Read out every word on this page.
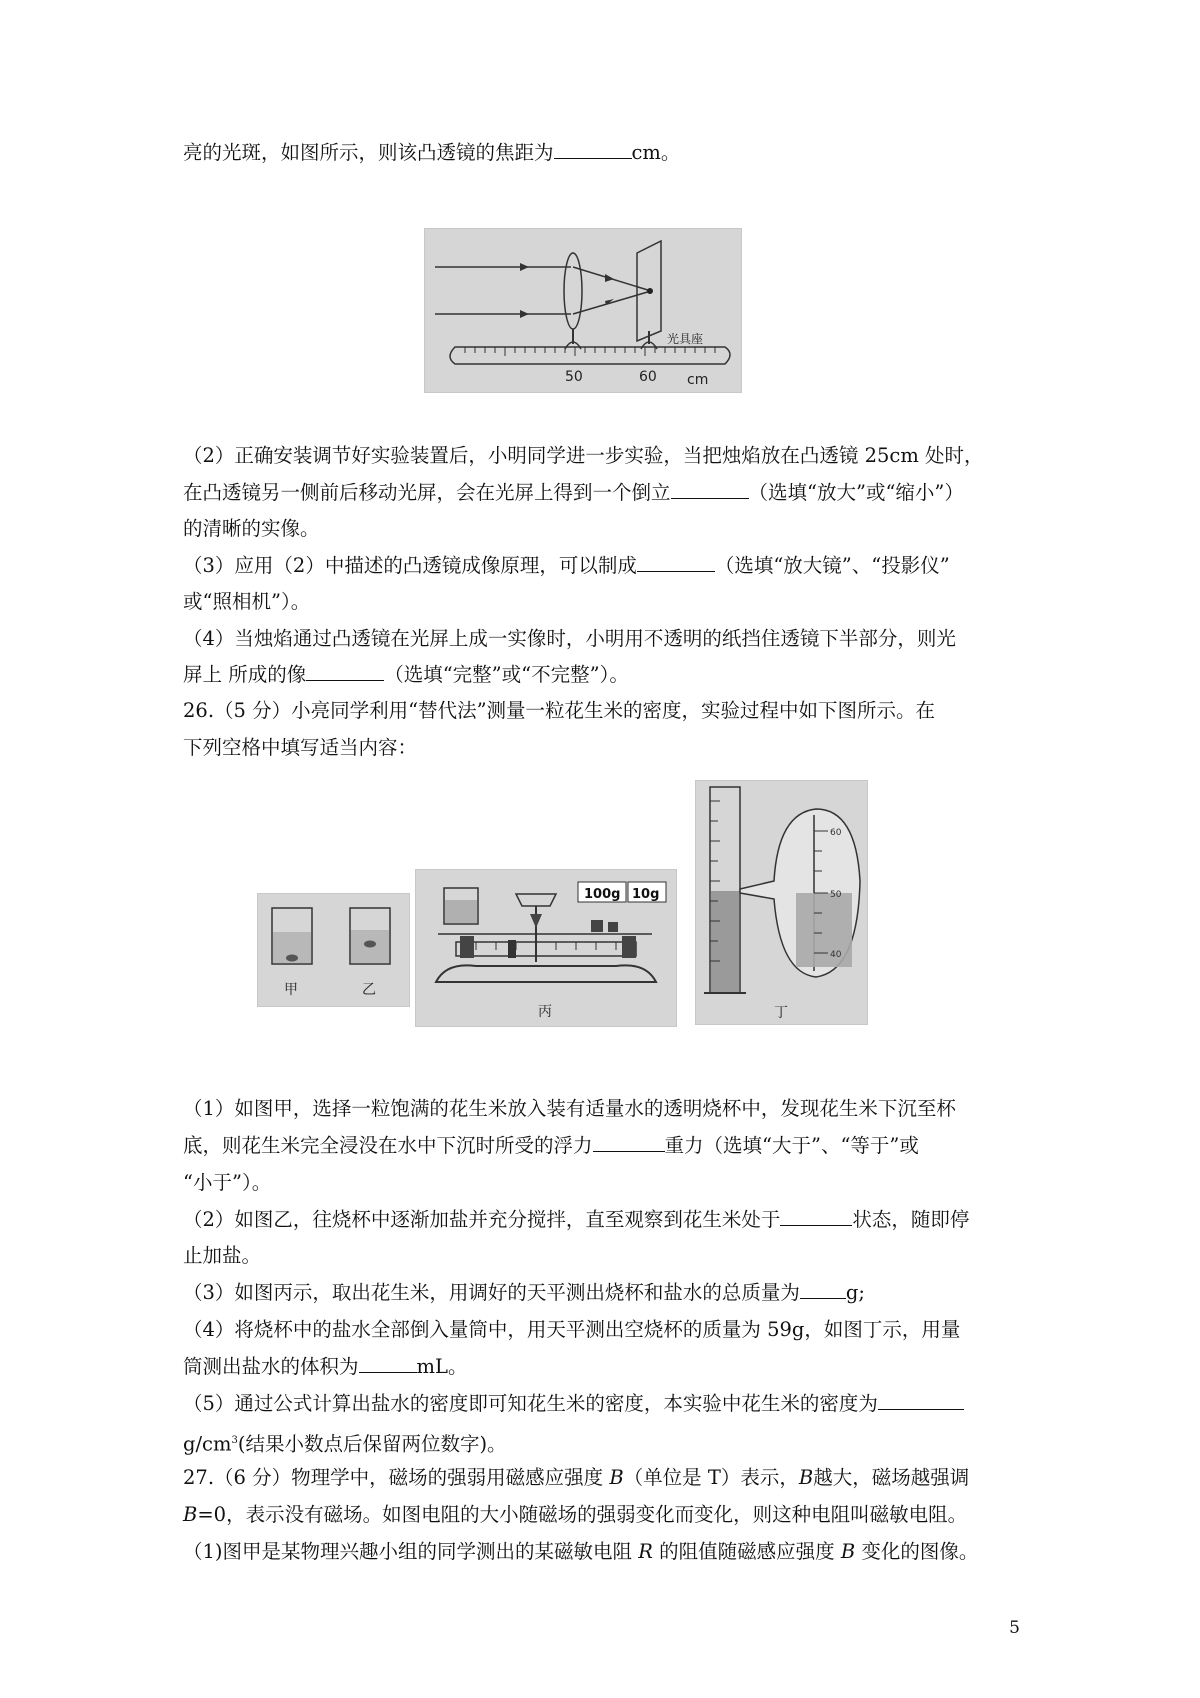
亮的光斑，如图所示，则该凸透镜的焦距为	cm。
50	60 cm
光具座
（2）正确安装调节好实验装置后，小明同学进一步实验，当把烛焰放在凸透镜 25cm 处时，
在凸透镜另一侧前后移动光屏，会在光屏上得到一个倒立	（选填“放大”或“缩小”）
的清晰的实像。
（3）应用（2）中描述的凸透镜成像原理，可以制成	（选填“放大镜”、“投影仪”
或“照相机”）。
（4）当烛焰通过凸透镜在光屏上成一实像时，小明用不透明的纸挡住透镜下半部分，则光
屏上 所成的像	（选填“完整”或“不完整”）。
26.（5 分）小亮同学利用“替代法”测量一粒花生米的密度，实验过程中如下图所示。在
下列空格中填写适当内容：
甲	乙
100g 10g
丙
60
50
40
丁
（1）如图甲，选择一粒饱满的花生米放入装有适量水的透明烧杯中，发现花生米下沉至杯
底，则花生米完全浸没在水中下沉时所受的浮力	重力（选填“大于”、“等于”或
“小于”）。
（2）如图乙，往烧杯中逐渐加盐并充分搅拌，直至观察到花生米处于	状态，随即停
止加盐。
（3）如图丙示，取出花生米，用调好的天平测出烧杯和盐水的总质量为 g;
（4）将烧杯中的盐水全部倒入量筒中，用天平测出空烧杯的质量为 59g，如图丁示，用量
筒测出盐水的体积为	mL。
（5）通过公式计算出盐水的密度即可知花生米的密度，本实验中花生米的密度为
$g/cm^3$(结果小数点后保留两位数字)。
27.（6 分）物理学中，磁场的强弱用磁感应强度 B（单位是 T）表示，B越大，磁场越强调
B=0，表示没有磁场。如图电阻的大小随磁场的强弱变化而变化，则这种电阻叫磁敏电阻。
（1)图甲是某物理兴趣小组的同学测出的某磁敏电阻 R 的阻值随磁感应强度 B 变化的图像。
5
